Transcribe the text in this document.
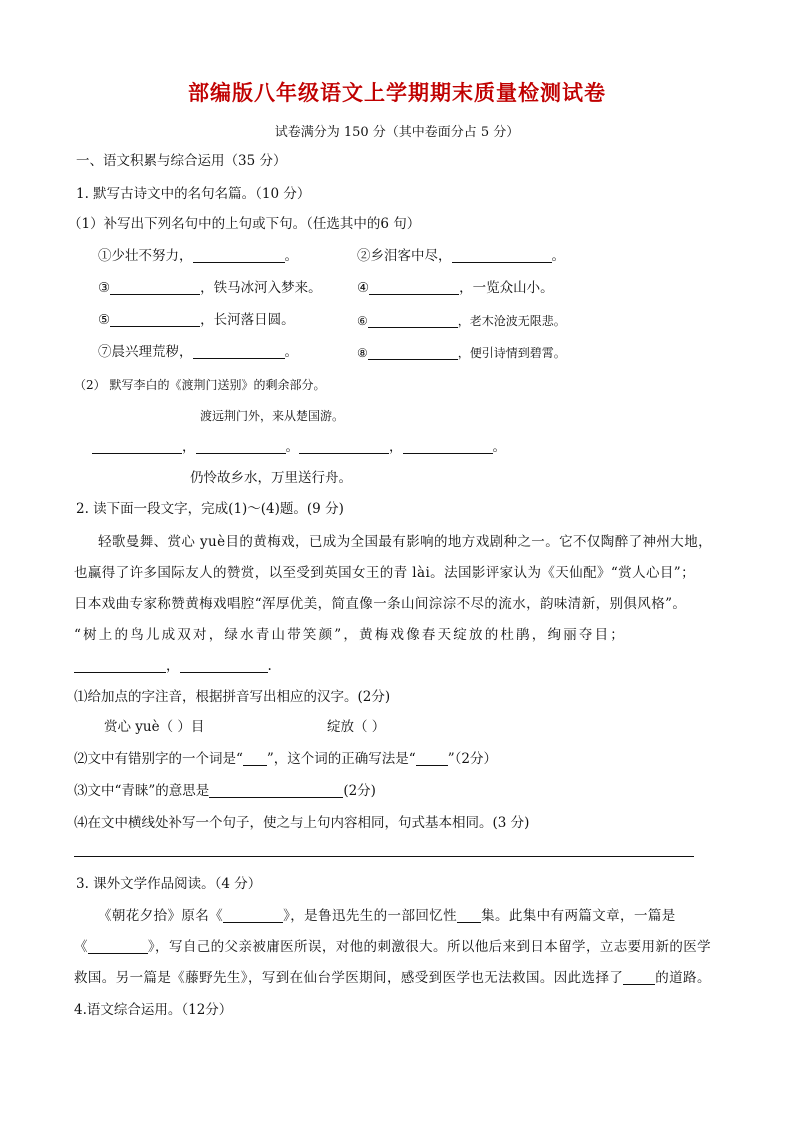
部编版八年级语文上学期期末质量检测试卷
试卷满分为 150 分（其中卷面分占 5 分）
一、语文积累与综合运用（35 分）
1. 默写古诗文中的名句名篇。（10 分）
（1）补写出下列名句中的上句或下句。（任选其中的6 句）
①少壮不努力，	。	②乡泪客中尽，	。
③	，铁马冰河入梦来。	④	，一览众山小。
⑤	，长河落日圆。	⑥	，老木沧波无限悲。
⑦晨兴理荒秽，	。	⑧	，便引诗情到碧霄。
（2） 默写李白的《渡荆门送别》的剩余部分。
渡远荆门外，来从楚国游。
，	。	，	。
仍怜故乡水，万里送行舟。
2. 读下面一段文字，完成(1)～(4)题。(9 分)
轻歌曼舞、赏心 yuè目的黄梅戏，已成为全国最有影响的地方戏剧种之一。它不仅陶醉了神州大地，
也赢得了许多国际友人的赞赏，以至受到英国女王的青 lài。法国影评家认为《天仙配》“赏人心目”；
日本戏曲专家称赞黄梅戏唱腔“浑厚优美，简直像一条山间淙淙不尽的流水，韵味清新，别俱风格”。
“树上的鸟儿成双对，绿水青山带笑颜”，黄梅戏像春天绽放的杜鹃，绚丽夺目；
，	.
⑴给加点的字注音，根据拼音写出相应的汉字。(2分)
赏心 yuè（ ）目	绽放（ ）
⑵文中有错别字的一个词是“ ”，这个词的正确写法是“ ”（2分）
⑶文中“青睐”的意思是	(2分)
⑷在文中横线处补写一个句子，使之与上句内容相同，句式基本相同。(3 分)
3. 课外文学作品阅读。（4 分）
《朝花夕拾》原名《	》，是鲁迅先生的一部回忆性 集。此集中有两篇文章，一篇是
《	》，写自己的父亲被庸医所误，对他的刺激很大。所以他后来到日本留学，立志要用新的医学
救国。另一篇是《藤野先生》，写到在仙台学医期间，感受到医学也无法救国。因此选择了 的道路。
4.语文综合运用。（12分）
